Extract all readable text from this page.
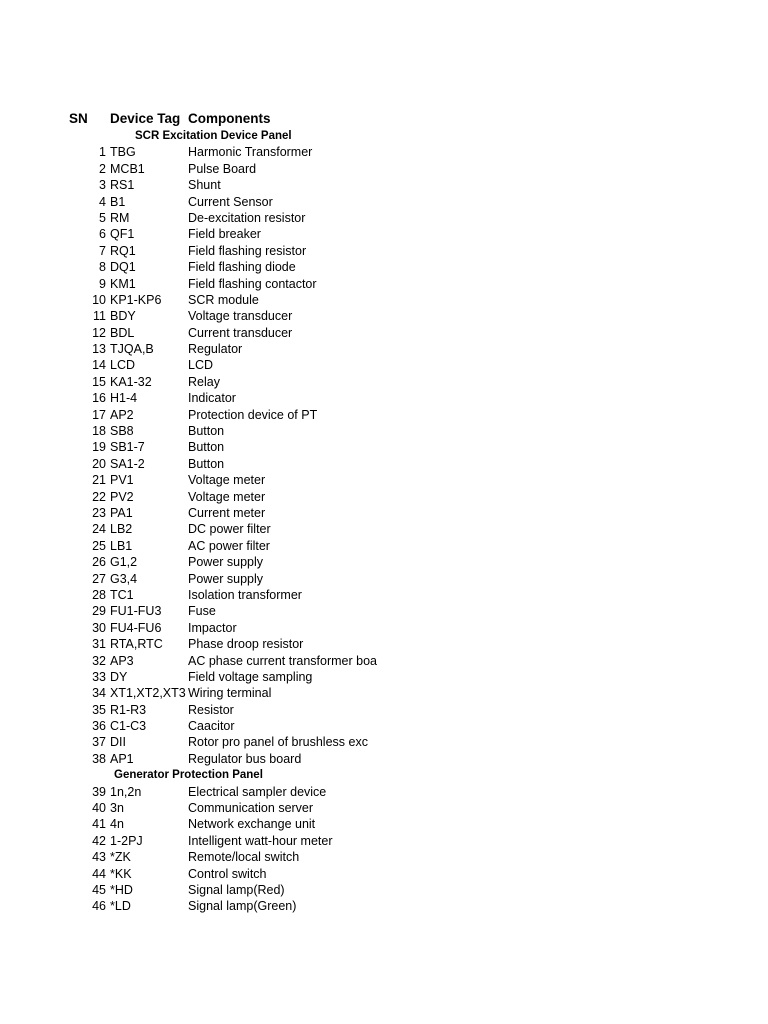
SN Device Tag Components
SCR Excitation Device Panel
1 TBG	Harmonic Transformer
2 MCB1	Pulse Board
3 RS1	Shunt
4 B1	Current Sensor
5 RM	De-excitation resistor
6 QF1	Field breaker
7 RQ1	Field flashing resistor
8 DQ1	Field flashing diode
9 KM1	Field flashing contactor
10 KP1-KP6 SCR module
11 BDY	Voltage transducer
12 BDL	Current transducer
13 TJQA,B	Regulator
14 LCD	LCD
15 KA1-32	Relay
16 H1-4	Indicator
17 AP2	Protection device of PT
18 SB8	Button
19 SB1-7	Button
20 SA1-2	Button
21 PV1	Voltage meter
22 PV2	Voltage meter
23 PA1	Current meter
24 LB2	DC power filter
25 LB1	AC power filter
26 G1,2	Power supply
27 G3,4	Power supply
28 TC1	Isolation transformer
29 FU1-FU3 Fuse
30 FU4-FU6 Impactor
31 RTA,RTC Phase droop resistor
32 AP3	AC phase current transformer boa
33 DY	Field voltage sampling
34 XT1,XT2,XT3 Wiring terminal
35 R1-R3	Resistor
36 C1-C3	Caacitor
37 DII	Rotor pro panel of brushless exc
38 AP1	Regulator bus board
Generator Protection Panel
39 1n,2n	Electrical sampler device
40 3n	Communication server
41 4n	Network exchange unit
42 1-2PJ	Intelligent watt-hour meter
43 *ZK	Remote/local switch
44 *KK	Control switch
45 *HD	Signal lamp(Red)
46 *LD	Signal lamp(Green)
